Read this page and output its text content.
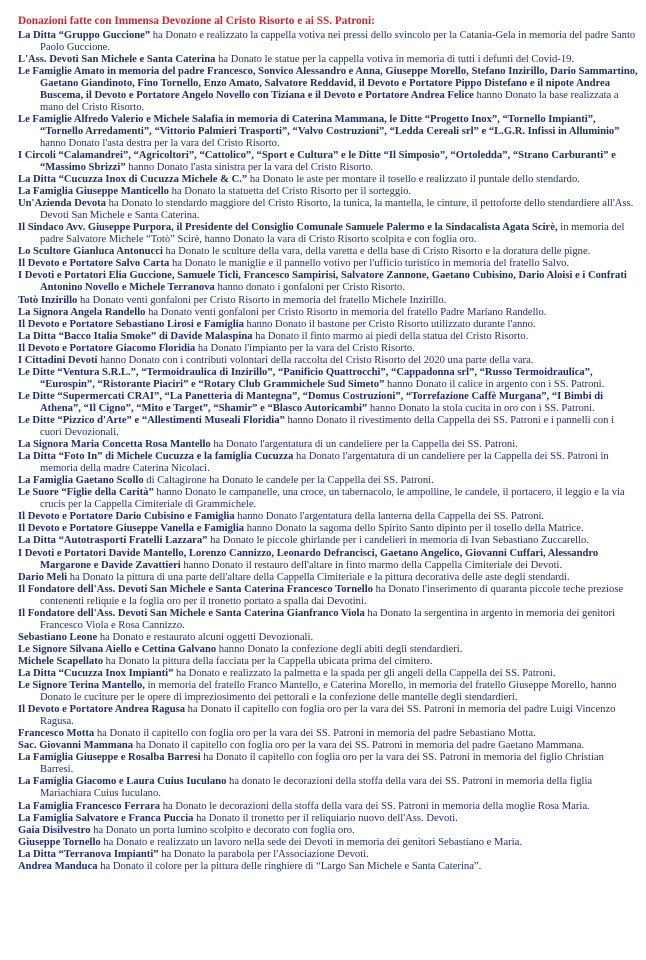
Donazioni fatte con Immensa Devozione al Cristo Risorto e ai SS. Patroni:
La Ditta “Gruppo Guccione” ha Donato e realizzato la cappella votiva nei pressi dello svincolo per la Catania-Gela in memoria del padre Santo Paolo Guccione.
L'Ass. Devoti San Michele e Santa Caterina ha Donato le statue per la cappella votiva in memoria di tutti i defunti del Covid-19.
Le Famiglie Amato in memoria del padre Francesco, Sonvico Alessandro e Anna, Giuseppe Morello, Stefano Inzirillo, Dario Sammartino, Gaetano Giandinoto, Fino Tornello, Enzo Amato, Salvatore Reddavid, il Devoto e Portatore Pippo Distefano e il nipote Andrea Buscema, il Devoto e Portatore Angelo Novello con Tiziana e il Devoto e Portatore Andrea Felice hanno Donato la base realizzata a mano del Cristo Risorto.
Le Famiglie Alfredo Valerio e Michele Salafia in memoria di Caterina Mammana, le Ditte “Progetto Inox”, “Tornello Impianti”, “Tornello Arredamenti”, “Vittorio Palmieri Trasporti”, “Valvo Costruzioni”, “Ledda Cereali srl” e “L.G.R. Infissi in Alluminio” hanno Donato l'asta destra per la vara del Cristo Risorto.
I Circoli “Calamandrei”, “Agricoltori”, “Cattolico”, “Sport e Cultura” e le Ditte “Il Simposio”, “Ortoledda”, “Strano Carburanti” e “Massimo Sbrizzi” hanno Donato l'asta sinistra per la vara del Cristo Risorto.
La Ditta “Cucuzza Inox di Cucuzza Michele & C.” ha Donato le aste per montare il tosello e realizzato il puntale dello stendardo.
La Famiglia Giuseppe Manticello ha Donato la statuetta del Cristo Risorto per il sorteggio.
Un'Azienda Devota ha Donato lo stendardo maggiore del Cristo Risorto, la tunica, la mantella, le cinture, il pettoforte dello stendardiere all'Ass. Devoti San Michele e Santa Caterina.
Il Sindaco Avv. Giuseppe Purpora, il Presidente del Consiglio Comunale Samuele Palermo e la Sindacalista Agata Scirè, in memoria del padre Salvatore Michele “Totò” Scirè, hanno Donato la vara di Cristo Risorto scolpita e con foglia oro.
Lo Scultore Gianluca Antonucci ha Donato le sculture della vara, della varetta e della base di Cristo Risorto e la doratura delle pigne.
Il Devoto e Portatore Salvo Carta ha Donato le maniglie e il pannello votivo per l'ufficio turistico in memoria del fratello Salvo.
I Devoti e Portatori Elia Guccione, Samuele Ticli, Francesco Sampirisi, Salvatore Zannone, Gaetano Cubisino, Dario Aloisi e i Confrati Antonino Novello e Michele Terranova hanno donato i gonfaloni per Cristo Risorto.
Totò Inzirillo ha Donato venti gonfaloni per Cristo Risorto in memoria del fratello Michele Inzirillo.
La Signora Angela Randello ha Donato venti gonfaloni per Cristo Risorto in memoria del fratello Padre Mariano Randello.
Il Devoto e Portatore Sebastiano Lirosi e Famiglia hanno Donato il bastone per Cristo Risorto utilizzato durante l'anno.
La Ditta “Bacco Italia Smoke” di Davide Malaspina ha Donato il finto marmo ai piedi della statua del Cristo Risorto.
Il Devoto e Portatore Giacomo Floridia ha Donato l'impianto per la vara del Cristo Risorto.
I Cittadini Devoti hanno Donato con i contributi volontari della raccolta del Cristo Risorto del 2020 una parte della vara.
Le Ditte “Ventura S.R.L.”, “Termoidraulica di Inzirillo”, “Panificio Quattrocchi”, “Cappadonna srl”, “Russo Termoidraulica”, “Eurospin”, “Ristorante Piaciri” e “Rotary Club Grammichele Sud Simeto” hanno Donato il calice in argento con i SS. Patroni.
Le Ditte “Supermercati CRAI”, “La Panetteria di Mantegna”, “Domus Costruzioni”, “Torrefazione Caffè Murgana”, “I Bimbi di Athena”, “Il Cigno”, “Mito e Target”, “Shamir” e “Blasco Autoricambi” hanno Donato la stola cucita in oro con i SS. Patroni.
Le Ditte “Pizzico d'Arte” e “Allestimenti Museali Floridia” hanno Donato il rivestimento della Cappella dei SS. Patroni e i pannelli con i cuori Devozionali.
La Signora Maria Concetta Rosa Mantello ha Donato l'argentatura di un candeliere per la Cappella dei SS. Patroni.
La Ditta “Foto In” di Michele Cucuzza e la famiglia Cucuzza ha Donato l'argentatura di un candeliere per la Cappella dei SS. Patroni in memoria della madre Caterina Nicolaci.
La Famiglia Gaetano Scollo di Caltagirone ha Donato le candele per la Cappella dei SS. Patroni.
Le Suore “Figlie della Carità” hanno Donato le campanelle, una croce, un tabernacolo, le ampolline, le candele, il portacero, il leggio e la via crucis per la Cappella Cimiteriale di Grammichele.
Il Devoto e Portatore Dario Cubisino e Famiglia hanno Donato l'argentatura della lanterna della Cappella dei SS. Patroni.
Il Devoto e Portatore Giuseppe Vanella e Famiglia hanno Donato la sagoma dello Spirito Santo dipinto per il tosello della Matrice.
La Ditta “Autotrasporti Fratelli Lazzara” ha Donato le piccole ghirlande per i candelieri in memoria di Ivan Sebastiano Zuccarello.
I Devoti e Portatori Davide Mantello, Lorenzo Cannizzo, Leonardo Defrancisci, Gaetano Angelico, Giovanni Cuffari, Alessandro Margarone e Davide Zavattieri hanno Donato il restauro dell'altare in finto marmo della Cappella Cimiteriale dei Devoti.
Dario Meli ha Donato la pittura di una parte dell'altare della Cappella Cimiteriale e la pittura decorativa delle aste degli stendardi.
Il Fondatore dell'Ass. Devoti San Michele e Santa Caterina Francesco Tornello ha Donato l'inserimento di quaranta piccole teche preziose contenenti reliquie e la foglia oro per il tronetto portato a spalla dai Devotini.
Il Fondatore dell'Ass. Devoti San Michele e Santa Caterina Gianfranco Viola ha Donato la sergentina in argento in memoria dei genitori Francesco Viola e Rosa Cannizzo.
Sebastiano Leone ha Donato e restaurato alcuni oggetti Devozionali.
Le Signore Silvana Aiello e Cettina Galvano hanno Donato la confezione degli abiti degli stendardieri.
Michele Scapellato ha Donato la pittura della facciata per la Cappella ubicata prima del cimitero.
La Ditta “Cucuzza Inox Impianti” ha Donato e realizzato la palmetta e la spada per gli angeli della Cappella dei SS. Patroni.
Le Signore Terina Mantello, in memoria del fratello Franco Mantello, e Caterina Morello, in memoria del fratello Giuseppe Morello, hanno Donato le cuciture per le opere di impreziosimento dei pettorali e la confezione delle mantelle degli stendardieri.
Il Devoto e Portatore Andrea Ragusa ha Donato il capitello con foglia oro per la vara dei SS. Patroni in memoria del padre Luigi Vincenzo Ragusa.
Francesco Motta ha Donato il capitello con foglia oro per la vara dei SS. Patroni in memoria del padre Sebastiano Motta.
Sac. Giovanni Mammana ha Donato il capitello con foglia oro per la vara dei SS. Patroni in memoria del padre Gaetano Mammana.
La Famiglia Giuseppe e Rosalba Barresi ha Donato il capitello con foglia oro per la vara dei SS. Patroni in memoria del figlio Christian Barresi.
La Famiglia Giacomo e Laura Cuius Iuculano ha donato le decorazioni della stoffa della vara dei SS. Patroni in memoria della figlia Mariachiara Cuius Iuculano.
La Famiglia Francesco Ferrara ha Donato le decorazioni della stoffa della vara dei SS. Patroni in memoria della moglie Rosa Maria.
La Famiglia Salvatore e Franca Puccia ha Donato il tronetto per il reliquiario nuovo dell'Ass. Devoti.
Gaia Disilvestro ha Donato un porta lumino scolpito e decorato con foglia oro.
Giuseppe Tornello ha Donato e realizzato un lavoro nella sede dei Devoti in memoria dei genitori Sebastiano e Maria.
La Ditta “Terranova Impianti” ha Donato la parabola per l'Associazione Devoti.
Andrea Manduca ha Donato il colore per la pittura delle ringhiere di “Largo San Michele e Santa Caterina”.
